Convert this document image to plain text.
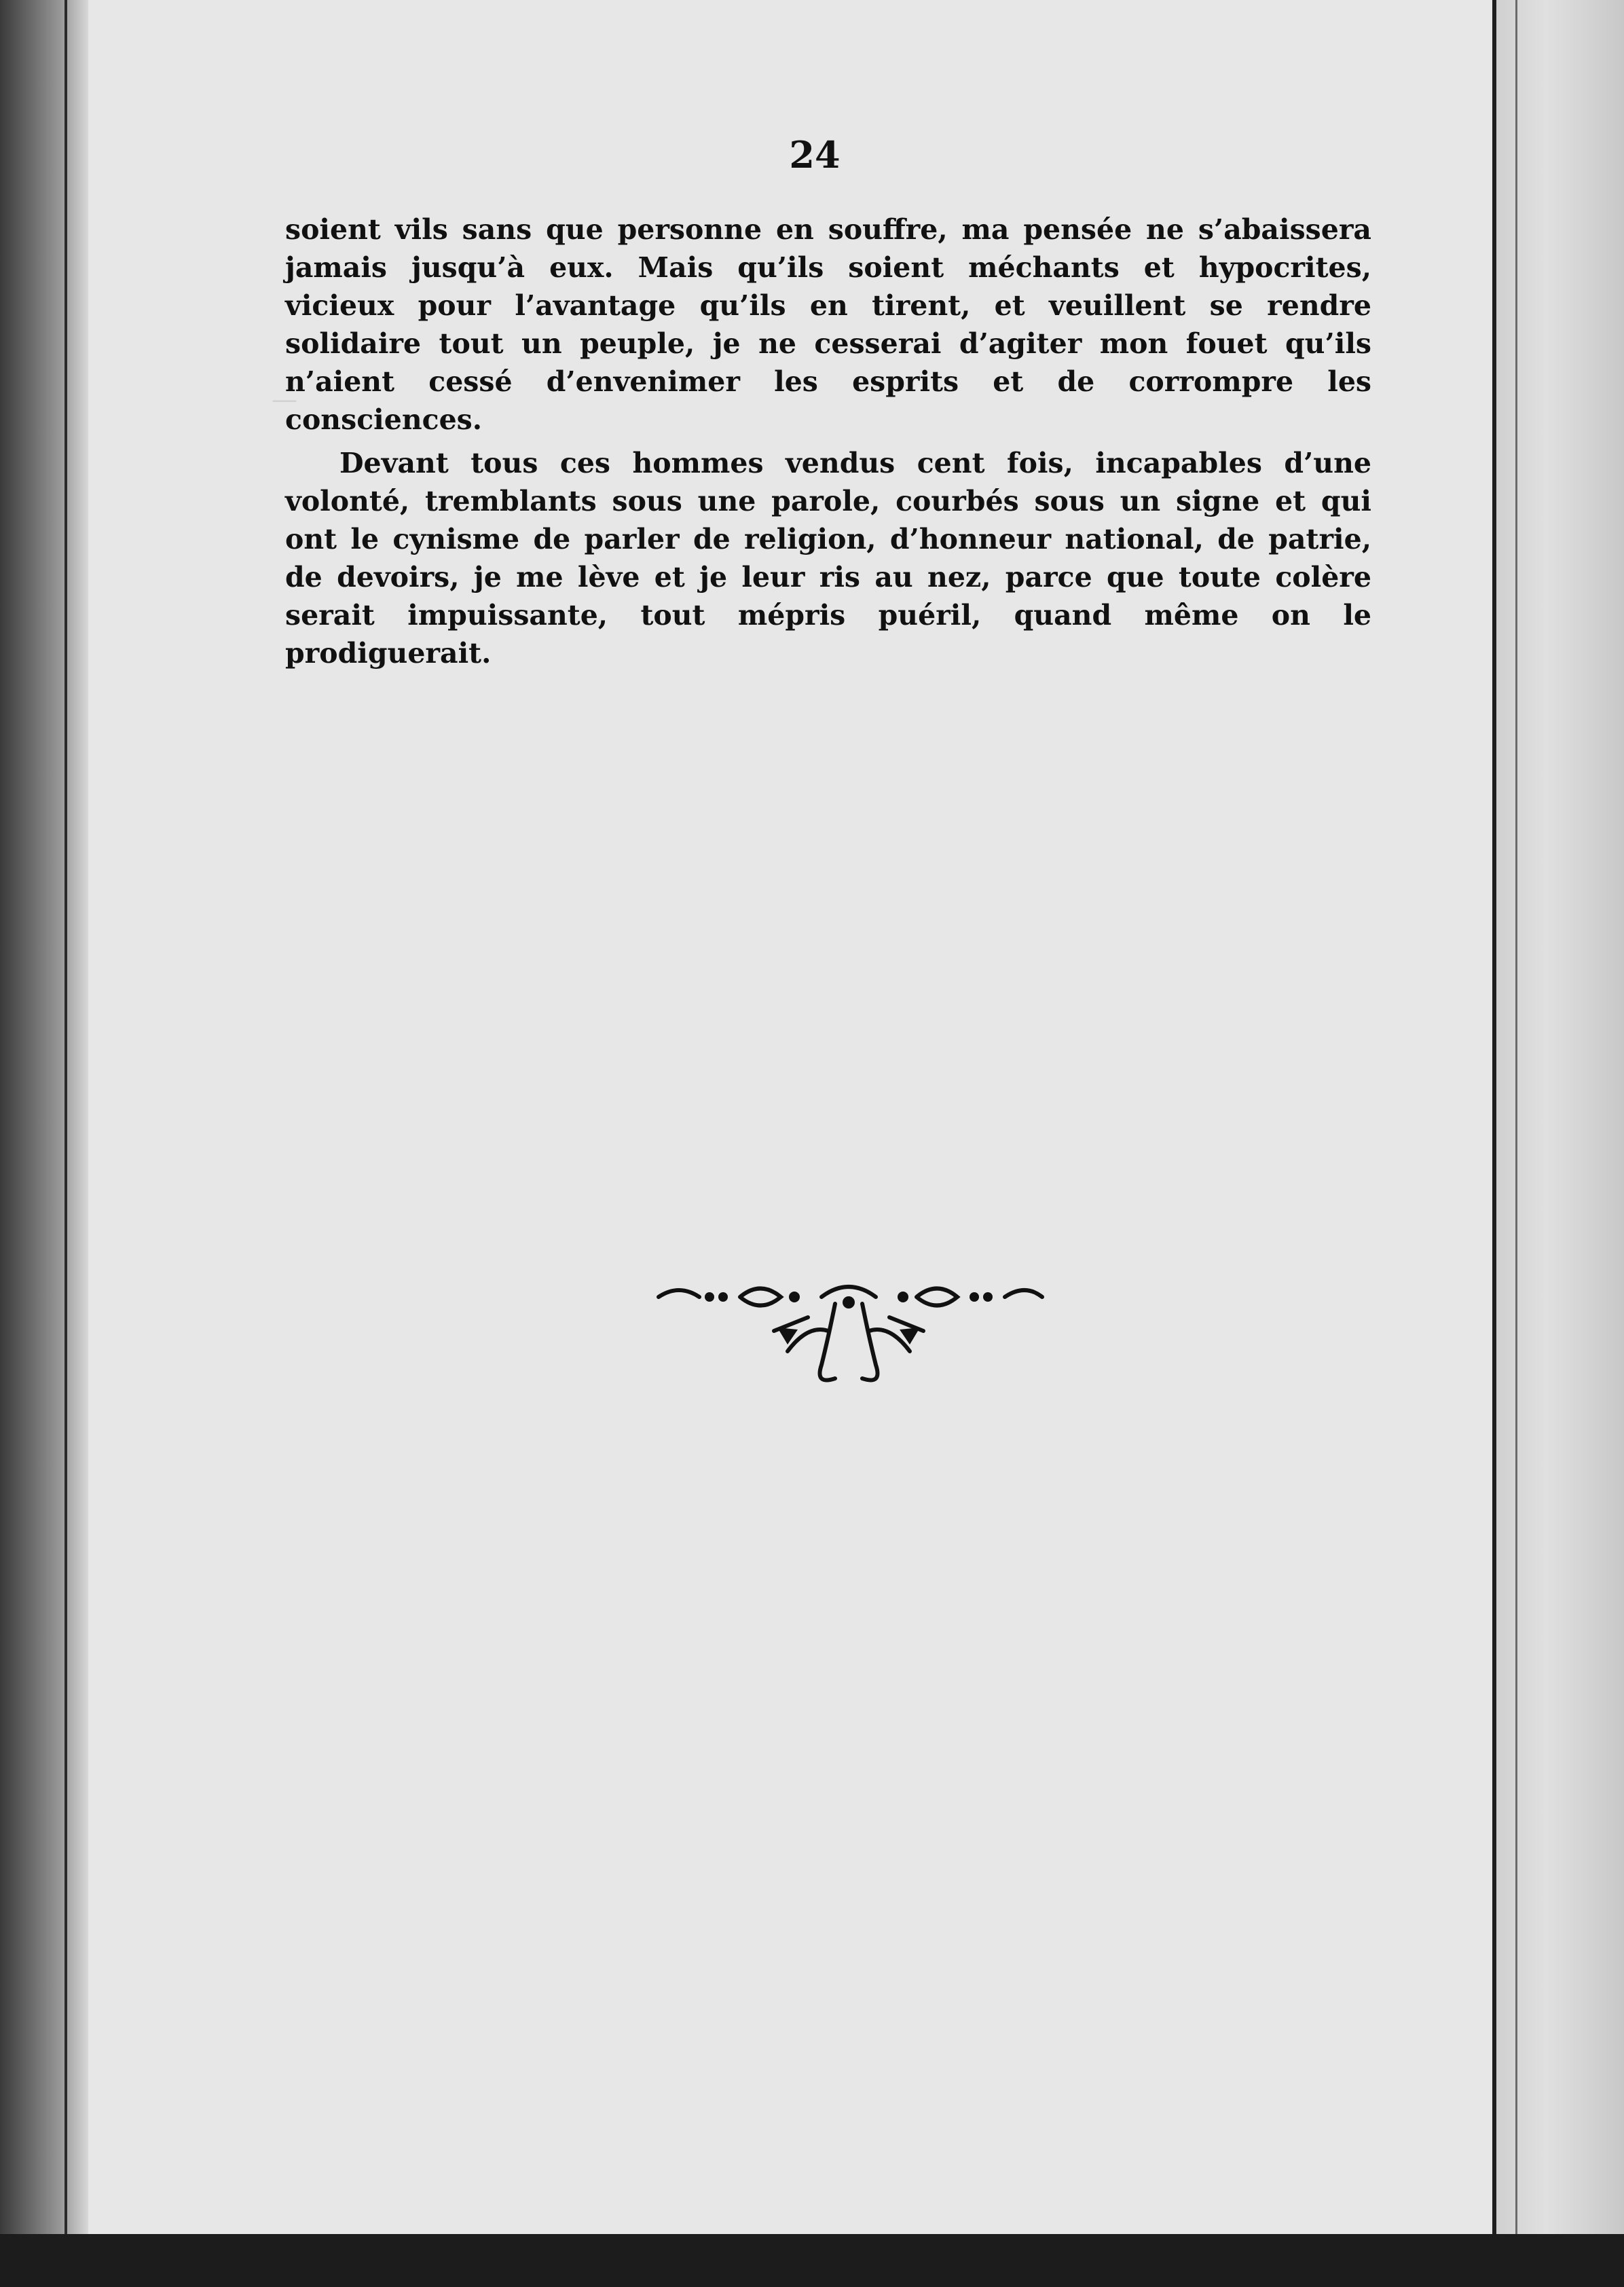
—

24

soient vils sans que personne en souffre, ma pensée ne s’abaissera jamais jusqu’à eux. Mais qu’ils soient méchants et hypocrites, vicieux pour l’avantage qu’ils en tirent, et veuillent se rendre solidaire tout un peuple, je ne cesserai d’agiter mon fouet qu’ils n’aient cessé d’envenimer les esprits et de corrompre les consciences.

Devant tous ces hommes vendus cent fois, incapables d’une volonté, tremblants sous une parole, courbés sous un signe et qui ont le cynisme de parler de religion, d’honneur national, de patrie, de devoirs, je me lève et je leur ris au nez, parce que toute colère serait impuissante, tout mépris puéril, quand même on le prodiguerait.
